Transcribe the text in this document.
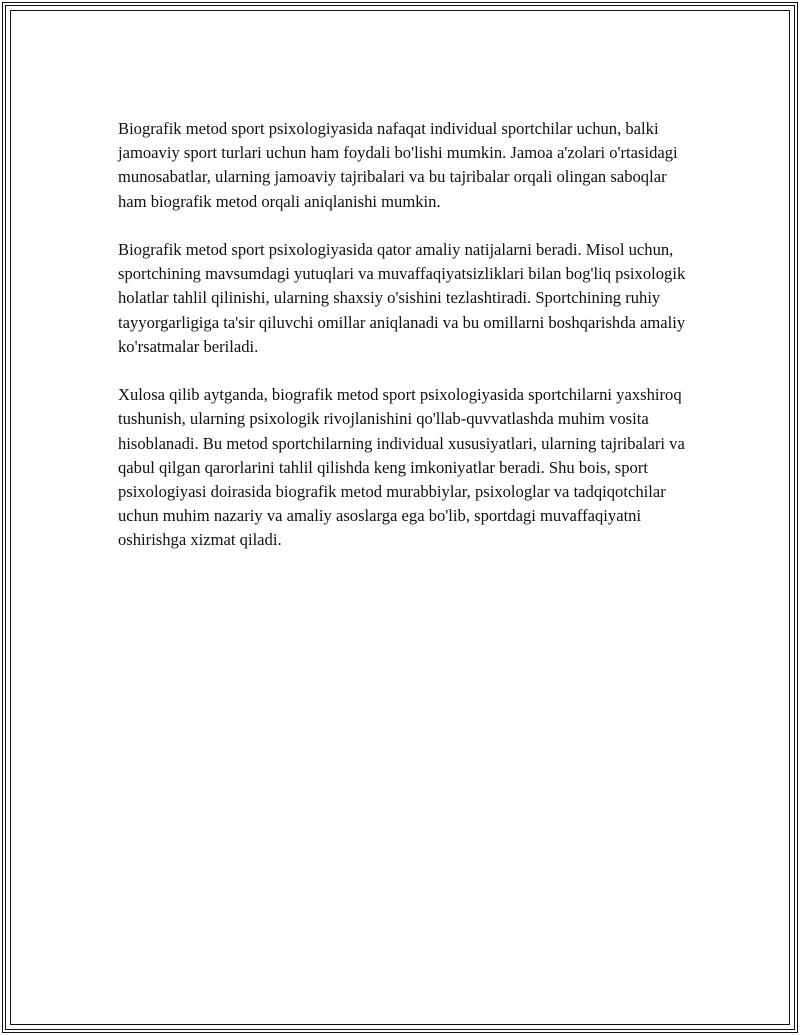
Biografik metod sport psixologiyasida nafaqat individual sportchilar uchun, balki jamoaviy sport turlari uchun ham foydali bo'lishi mumkin. Jamoa a'zolari o'rtasidagi munosabatlar, ularning jamoaviy tajribalari va bu tajribalar orqali olingan saboqlar ham biografik metod orqali aniqlanishi mumkin.

Biografik metod sport psixologiyasida qator amaliy natijalarni beradi. Misol uchun, sportchining mavsumdagi yutuqlari va muvaffaqiyatsizliklari bilan bog'liq psixologik holatlar tahlil qilinishi, ularning shaxsiy o'sishini tezlashtiradi. Sportchining ruhiy tayyorgarligiga ta'sir qiluvchi omillar aniqlanadi va bu omillarni boshqarishda amaliy ko'rsatmalar beriladi.

Xulosa qilib aytganda, biografik metod sport psixologiyasida sportchilarni yaxshiroq tushunish, ularning psixologik rivojlanishini qo'llab-quvvatlashda muhim vosita hisoblanadi. Bu metod sportchilarning individual xususiyatlari, ularning tajribalari va qabul qilgan qarorlarini tahlil qilishda keng imkoniyatlar beradi. Shu bois, sport psixologiyasi doirasida biografik metod murabbiylar, psixologlar va tadqiqotchilar uchun muhim nazariy va amaliy asoslarga ega bo'lib, sportdagi muvaffaqiyatni oshirishga xizmat qiladi.
